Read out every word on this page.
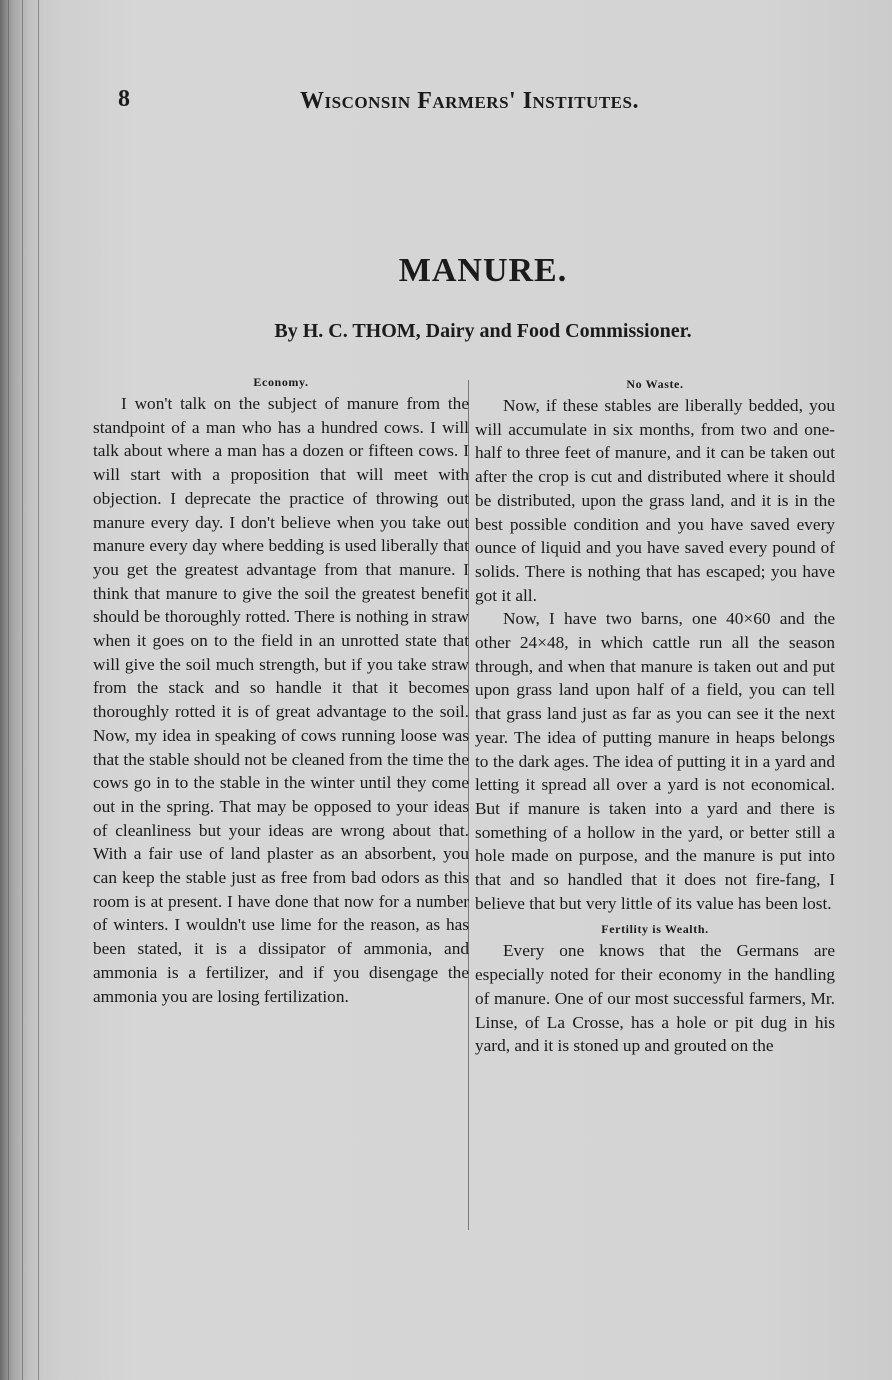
8	Wisconsin Farmers' Institutes.
MANURE.
By H. C. THOM, Dairy and Food Commissioner.
Economy.

I won't talk on the subject of manure from the standpoint of a man who has a hundred cows. I will talk about where a man has a dozen or fifteen cows. I will start with a proposition that will meet with objection. I deprecate the practice of throwing out manure every day. I don't believe when you take out manure every day where bedding is used liberally that you get the greatest advantage from that manure. I think that manure to give the soil the greatest benefit should be thoroughly rotted. There is nothing in straw when it goes on to the field in an unrotted state that will give the soil much strength, but if you take straw from the stack and so handle it that it becomes thoroughly rotted it is of great advantage to the soil. Now, my idea in speaking of cows running loose was that the stable should not be cleaned from the time the cows go in to the stable in the winter until they come out in the spring. That may be opposed to your ideas of cleanliness but your ideas are wrong about that. With a fair use of land plaster as an absorbent, you can keep the stable just as free from bad odors as this room is at present. I have done that now for a number of winters. I wouldn't use lime for the reason, as has been stated, it is a dissipator of ammonia, and ammonia is a fertilizer, and if you disengage the ammonia you are losing fertilization.

No Waste.

Now, if these stables are liberally bedded, you will accumulate in six months, from two and one-half to three feet of manure, and it can be taken out after the crop is cut and distributed where it should be distributed, upon the grass land, and it is in the best possible condition and you have saved every ounce of liquid and you have saved every pound of solids. There is nothing that has escaped; you have got it all.

Now, I have two barns, one 40×60 and the other 24×48, in which cattle run all the season through, and when that manure is taken out and put upon grass land upon half of a field, you can tell that grass land just as far as you can see it the next year. The idea of putting manure in heaps belongs to the dark ages. The idea of putting it in a yard and letting it spread all over a yard is not economical. But if manure is taken into a yard and there is something of a hollow in the yard, or better still a hole made on purpose, and the manure is put into that and so handled that it does not fire-fang, I believe that but very little of its value has been lost.

Fertility is Wealth.

Every one knows that the Germans are especially noted for their economy in the handling of manure. One of our most successful farmers, Mr. Linse, of La Crosse, has a hole or pit dug in his yard, and it is stoned up and grouted on the
